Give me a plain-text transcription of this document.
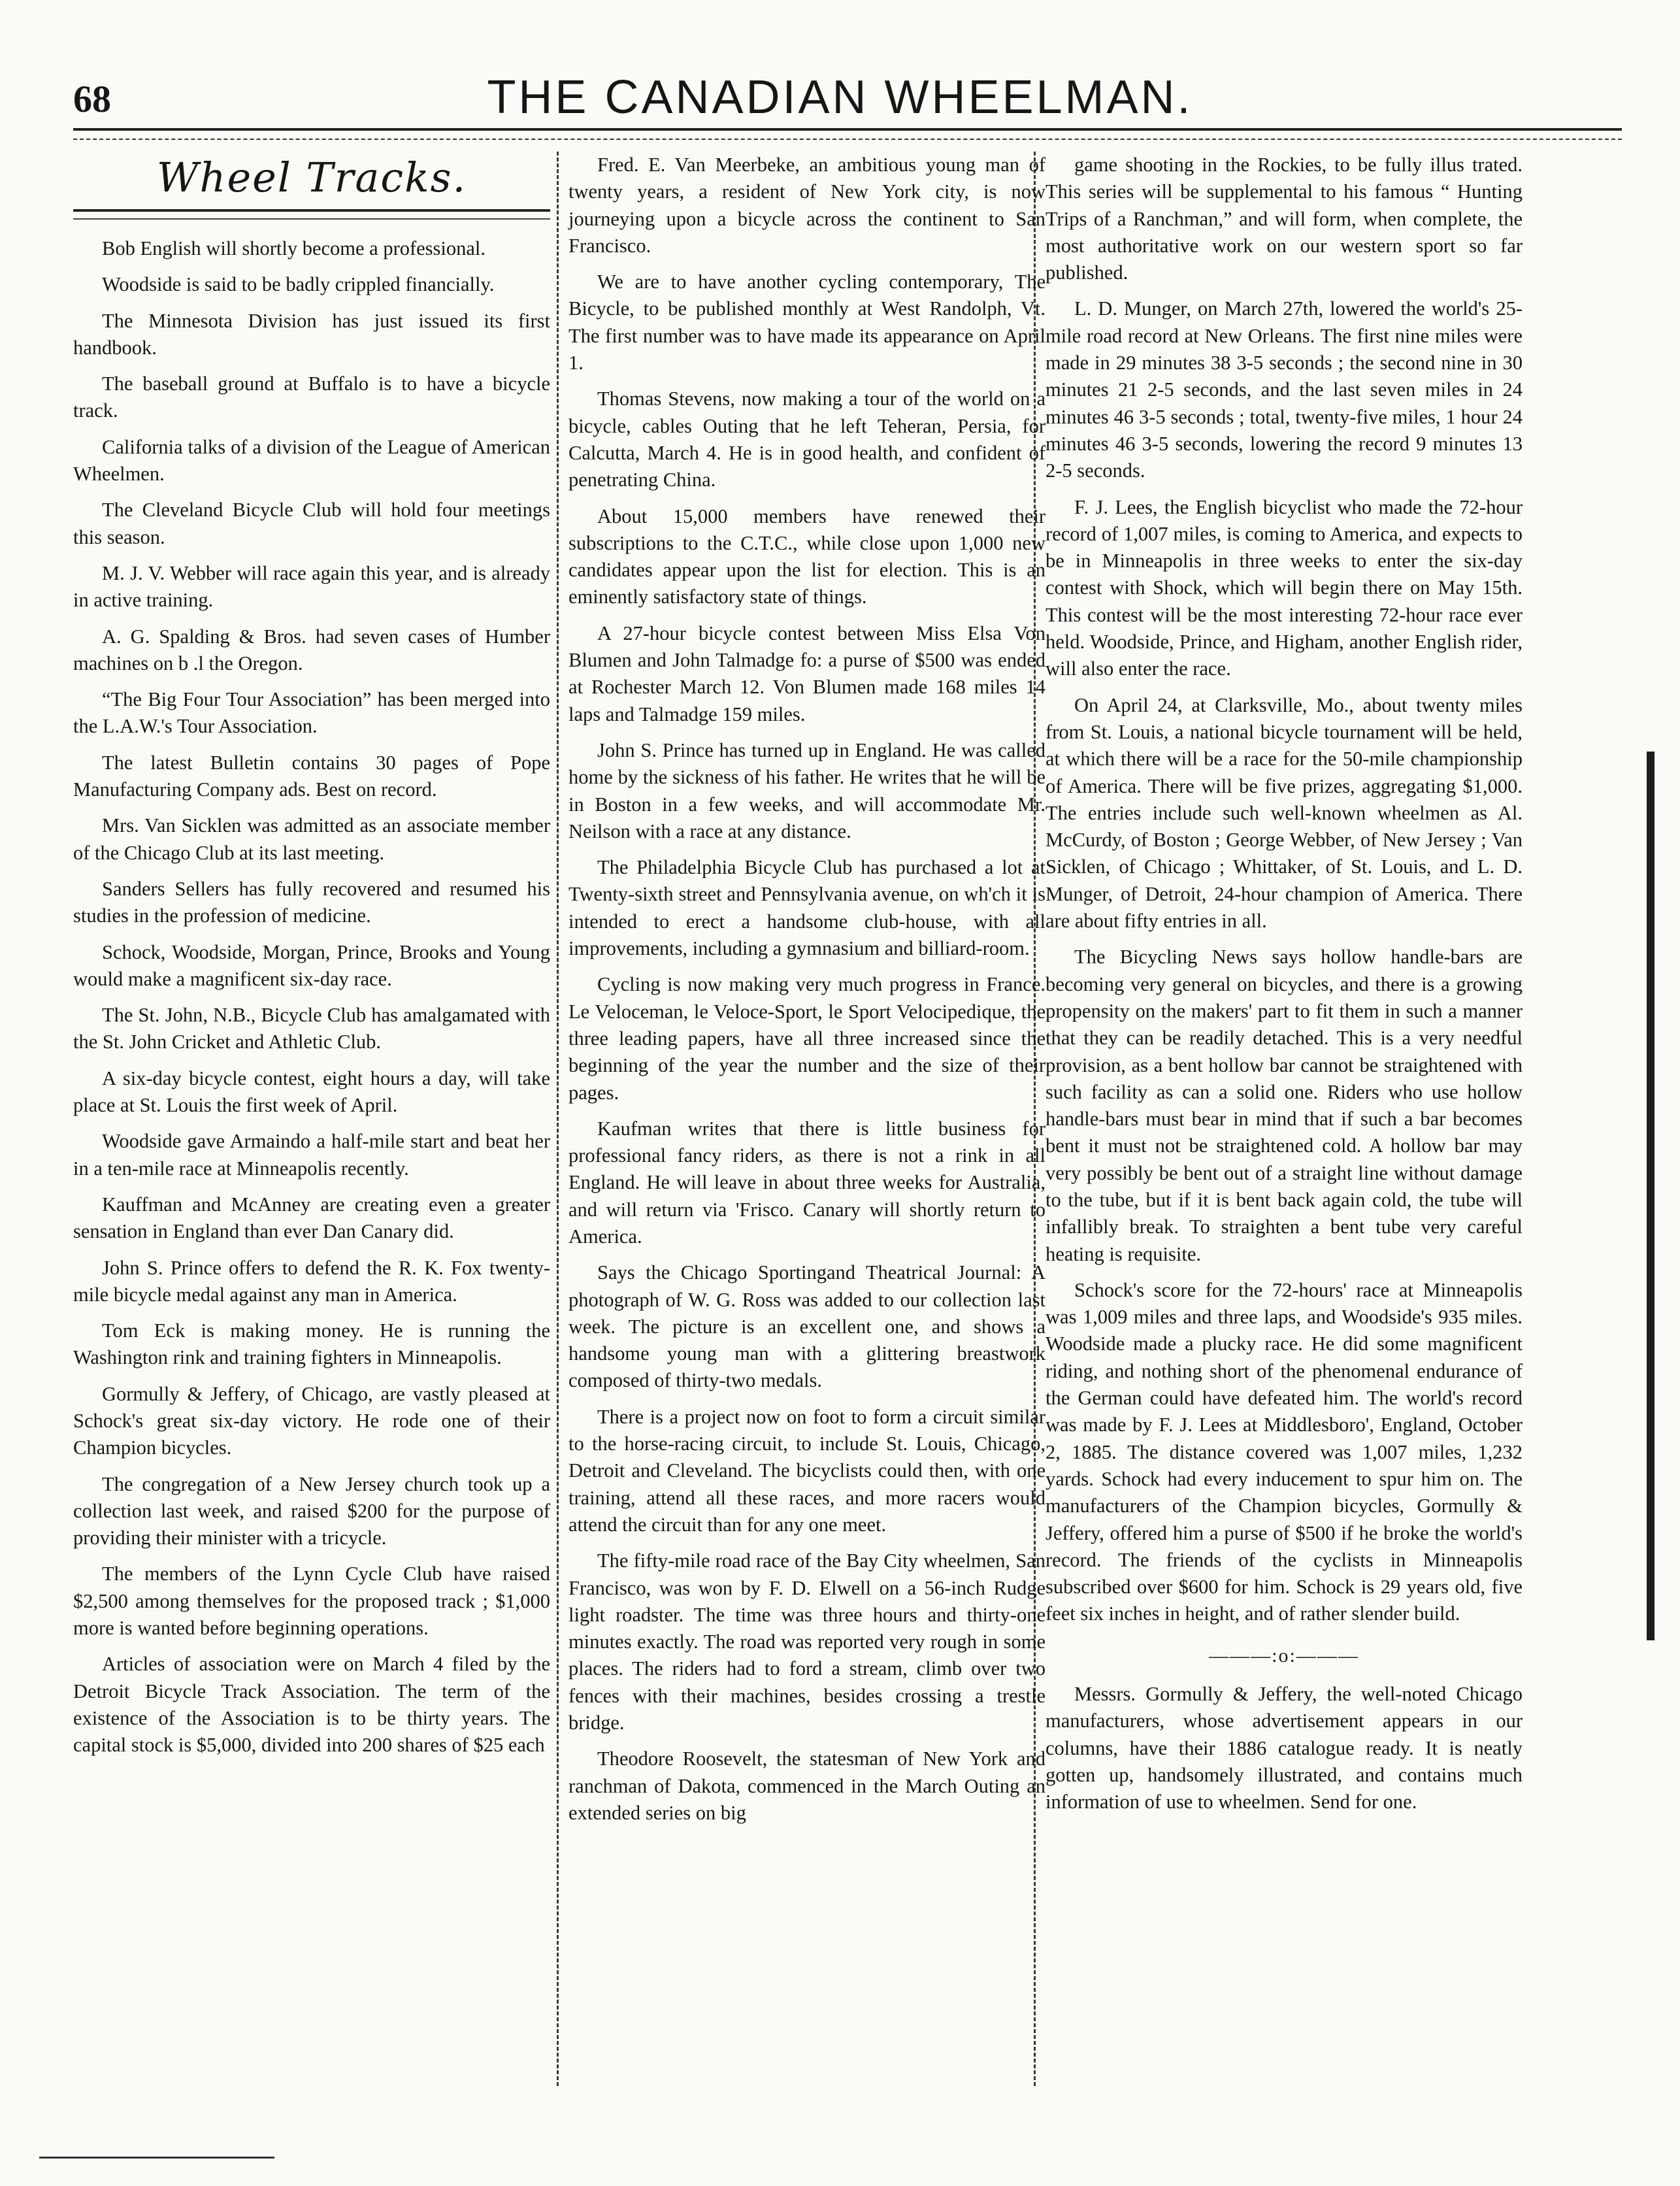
68	THE CANADIAN WHEELMAN.
Wheel Tracks.

Bob English will shortly become a professional.

Woodside is said to be badly crippled financially.

The Minnesota Division has just issued its first handbook.

The baseball ground at Buffalo is to have a bicycle track.

California talks of a division of the League of American Wheelmen.

The Cleveland Bicycle Club will hold four meetings this season.

M. J. V. Webber will race again this year, and is already in active training.

A. G. Spalding & Bros. had seven cases of Humber machines on b .l the Oregon.

“The Big Four Tour Association” has been merged into the L.A.W.'s Tour Association.

The latest Bulletin contains 30 pages of Pope Manufacturing Company ads. Best on record.

Mrs. Van Sicklen was admitted as an associate member of the Chicago Club at its last meeting.

Sanders Sellers has fully recovered and resumed his studies in the profession of medicine.

Schock, Woodside, Morgan, Prince, Brooks and Young would make a magnificent six-day race.

The St. John, N.B., Bicycle Club has amalgamated with the St. John Cricket and Athletic Club.

A six-day bicycle contest, eight hours a day, will take place at St. Louis the first week of April.

Woodside gave Armaindo a half-mile start and beat her in a ten-mile race at Minneapolis recently.

Kauffman and McAnney are creating even a greater sensation in England than ever Dan Canary did.

John S. Prince offers to defend the R. K. Fox twenty-mile bicycle medal against any man in America.

Tom Eck is making money. He is running the Washington rink and training fighters in Minneapolis.

Gormully & Jeffery, of Chicago, are vastly pleased at Schock's great six-day victory. He rode one of their Champion bicycles.

The congregation of a New Jersey church took up a collection last week, and raised $200 for the purpose of providing their minister with a tricycle.

The members of the Lynn Cycle Club have raised $2,500 among themselves for the proposed track ; $1,000 more is wanted before beginning operations.

Articles of association were on March 4 filed by the Detroit Bicycle Track Association. The term of the existence of the Association is to be thirty years. The capital stock is $5,000, divided into 200 shares of $25 each

Fred. E. Van Meerbeke, an ambitious young man of twenty years, a resident of New York city, is now journeying upon a bicycle across the continent to San Francisco.

We are to have another cycling contemporary, The Bicycle, to be published monthly at West Randolph, Vt. The first number was to have made its appearance on April 1.

Thomas Stevens, now making a tour of the world on a bicycle, cables Outing that he left Teheran, Persia, for Calcutta, March 4. He is in good health, and confident of penetrating China.

About 15,000 members have renewed their subscriptions to the C.T.C., while close upon 1,000 new candidates appear upon the list for election. This is an eminently satisfactory state of things.

A 27-hour bicycle contest between Miss Elsa Von Blumen and John Talmadge fo: a purse of $500 was ended at Rochester March 12. Von Blumen made 168 miles 14 laps and Talmadge 159 miles.

John S. Prince has turned up in England. He was called home by the sickness of his father. He writes that he will be in Boston in a few weeks, and will accommodate Mr. Neilson with a race at any distance.

The Philadelphia Bicycle Club has purchased a lot at Twenty-sixth street and Pennsylvania avenue, on wh'ch it is intended to erect a handsome club-house, with all improvements, including a gymnasium and billiard-room.

Cycling is now making very much progress in France. Le Veloceman, le Veloce-Sport, le Sport Velocipedique, the three leading papers, have all three increased since the beginning of the year the number and the size of their pages.

Kaufman writes that there is little business for professional fancy riders, as there is not a rink in all England. He will leave in about three weeks for Australia, and will return via 'Frisco. Canary will shortly return to America.

Says the Chicago Sportingand Theatrical Journal: A photograph of W. G. Ross was added to our collection last week. The picture is an excellent one, and shows a handsome young man with a glittering breastwork composed of thirty-two medals.

There is a project now on foot to form a circuit similar to the horse-racing circuit, to include St. Louis, Chicago, Detroit and Cleveland. The bicyclists could then, with one training, attend all these races, and more racers would attend the circuit than for any one meet.

The fifty-mile road race of the Bay City wheelmen, San Francisco, was won by F. D. Elwell on a 56-inch Rudge light roadster. The time was three hours and thirty-one minutes exactly. The road was reported very rough in some places. The riders had to ford a stream, climb over two fences with their machines, besides crossing a trestle bridge.

Theodore Roosevelt, the statesman of New York and ranchman of Dakota, commenced in the March Outing an extended series on big

game shooting in the Rockies, to be fully illus trated. This series will be supplemental to his famous “ Hunting Trips of a Ranchman,” and will form, when complete, the most authoritative work on our western sport so far published.

L. D. Munger, on March 27th, lowered the world's 25-mile road record at New Orleans. The first nine miles were made in 29 minutes 38 3-5 seconds ; the second nine in 30 minutes 21 2-5 seconds, and the last seven miles in 24 minutes 46 3-5 seconds ; total, twenty-five miles, 1 hour 24 minutes 46 3-5 seconds, lowering the record 9 minutes 13 2-5 seconds.

F. J. Lees, the English bicyclist who made the 72-hour record of 1,007 miles, is coming to America, and expects to be in Minneapolis in three weeks to enter the six-day contest with Shock, which will begin there on May 15th. This contest will be the most interesting 72-hour race ever held. Woodside, Prince, and Higham, another English rider, will also enter the race.

On April 24, at Clarksville, Mo., about twenty miles from St. Louis, a national bicycle tournament will be held, at which there will be a race for the 50-mile championship of America. There will be five prizes, aggregating $1,000. The entries include such well-known wheelmen as Al. McCurdy, of Boston ; George Webber, of New Jersey ; Van Sicklen, of Chicago ; Whittaker, of St. Louis, and L. D. Munger, of Detroit, 24-hour champion of America. There are about fifty entries in all.

The Bicycling News says hollow handle-bars are becoming very general on bicycles, and there is a growing propensity on the makers' part to fit them in such a manner that they can be readily detached. This is a very needful provision, as a bent hollow bar cannot be straightened with such facility as can a solid one. Riders who use hollow handle-bars must bear in mind that if such a bar becomes bent it must not be straightened cold. A hollow bar may very possibly be bent out of a straight line without damage to the tube, but if it is bent back again cold, the tube will infallibly break. To straighten a bent tube very careful heating is requisite.

Schock's score for the 72-hours' race at Minneapolis was 1,009 miles and three laps, and Woodside's 935 miles. Woodside made a plucky race. He did some magnificent riding, and nothing short of the phenomenal endurance of the German could have defeated him. The world's record was made by F. J. Lees at Middlesboro', England, October 2, 1885. The distance covered was 1,007 miles, 1,232 yards. Schock had every inducement to spur him on. The manufacturers of the Champion bicycles, Gormully & Jeffery, offered him a purse of $500 if he broke the world's record. The friends of the cyclists in Minneapolis subscribed over $600 for him. Schock is 29 years old, five feet six inches in height, and of rather slender build.

———:o:———

Messrs. Gormully & Jeffery, the well-noted Chicago manufacturers, whose advertisement appears in our columns, have their 1886 catalogue ready. It is neatly gotten up, handsomely illustrated, and contains much information of use to wheelmen. Send for one.
